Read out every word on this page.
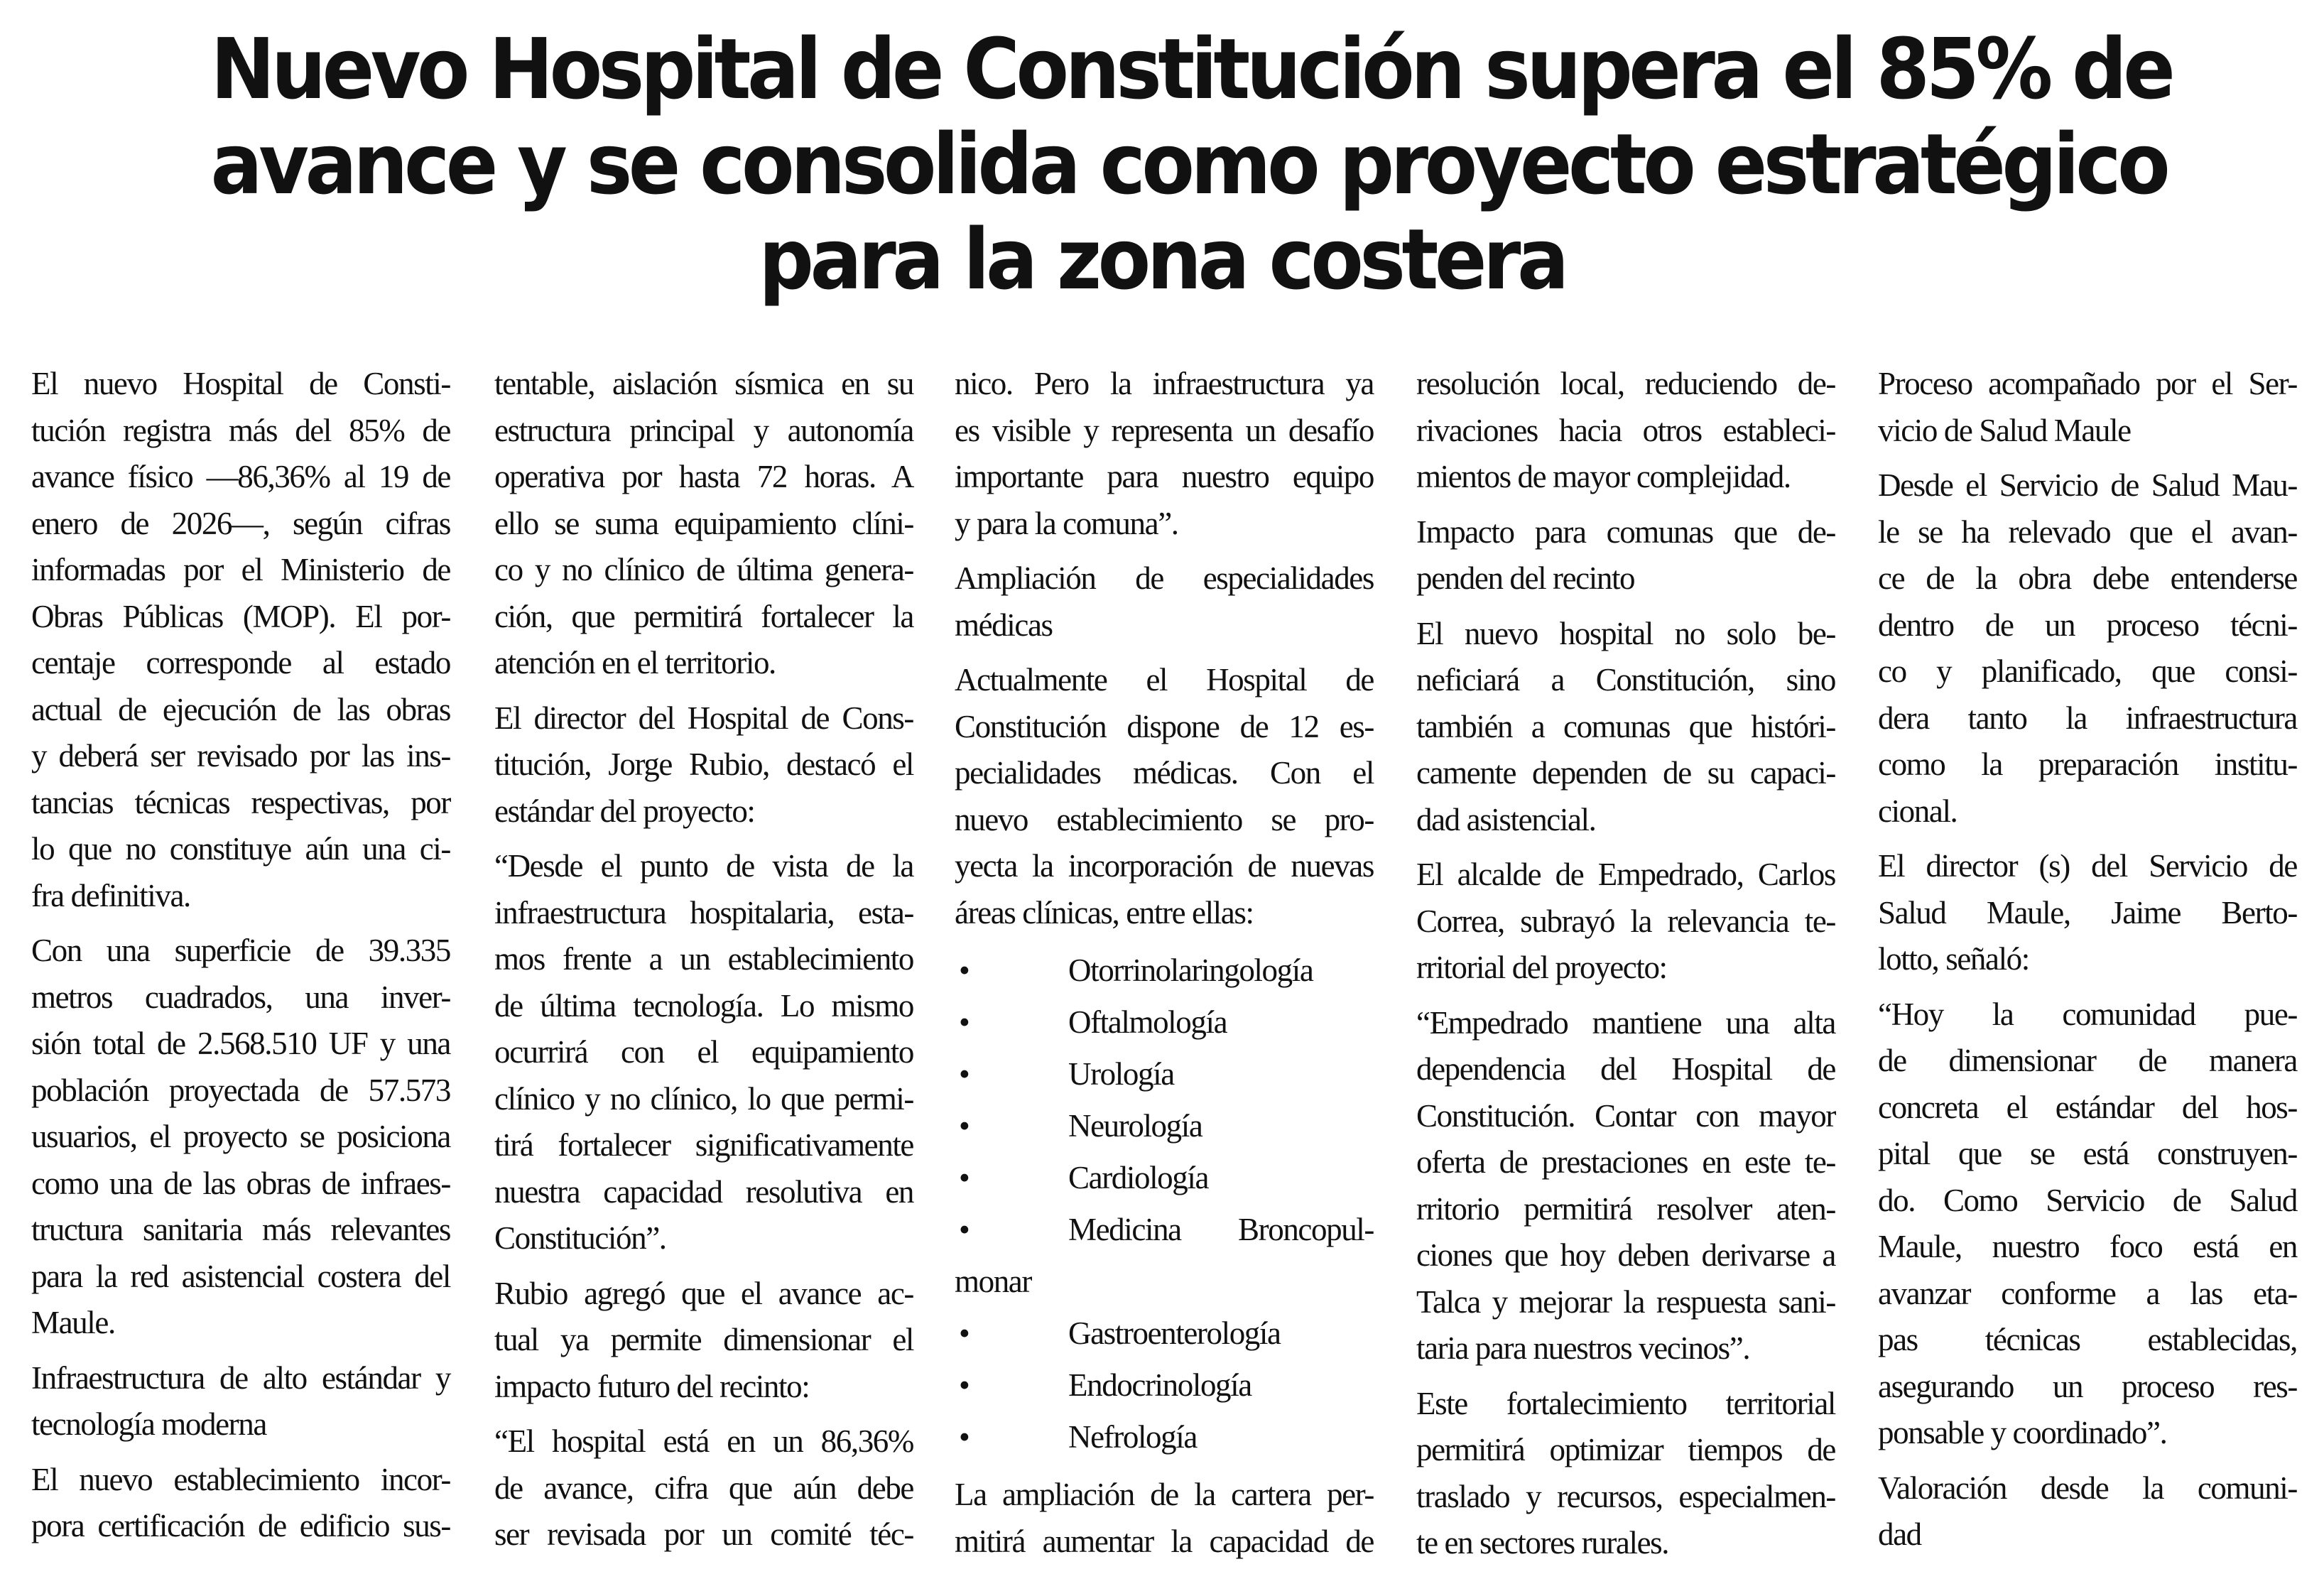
Nuevo Hospital de Constitución supera el 85% de
avance y se consolida como proyecto estratégico
para la zona costera
El nuevo Hospital de Consti-
tución registra más del 85% de
avance físico —86,36% al 19 de
enero de 2026—, según cifras
informadas por el Ministerio de
Obras Públicas (MOP). El por-
centaje corresponde al estado
actual de ejecución de las obras
y deberá ser revisado por las ins-
tancias técnicas respectivas, por
lo que no constituye aún una ci-
fra definitiva.
Con una superficie de 39.335
metros cuadrados, una inver-
sión total de 2.568.510 UF y una
población proyectada de 57.573
usuarios, el proyecto se posiciona
como una de las obras de infraes-
tructura sanitaria más relevantes
para la red asistencial costera del
Maule.
Infraestructura de alto estándar y
tecnología moderna
El nuevo establecimiento incor-
pora certificación de edificio sus-
tentable, aislación sísmica en su
estructura principal y autonomía
operativa por hasta 72 horas. A
ello se suma equipamiento clíni-
co y no clínico de última genera-
ción, que permitirá fortalecer la
atención en el territorio.
El director del Hospital de Cons-
titución, Jorge Rubio, destacó el
estándar del proyecto:
“Desde el punto de vista de la
infraestructura hospitalaria, esta-
mos frente a un establecimiento
de última tecnología. Lo mismo
ocurrirá con el equipamiento
clínico y no clínico, lo que permi-
tirá fortalecer significativamente
nuestra capacidad resolutiva en
Constitución”.
Rubio agregó que el avance ac-
tual ya permite dimensionar el
impacto futuro del recinto:
“El hospital está en un 86,36%
de avance, cifra que aún debe
ser revisada por un comité téc-
nico. Pero la infraestructura ya
es visible y representa un desafío
importante para nuestro equipo
y para la comuna”.
Ampliación de especialidades
médicas
Actualmente el Hospital de
Constitución dispone de 12 es-
pecialidades médicas. Con el
nuevo establecimiento se pro-
yecta la incorporación de nuevas
áreas clínicas, entre ellas:
•	Otorrinolaringología
•	Oftalmología
•	Urología
•	Neurología
•	Cardiología
•	Medicina Broncopul-
monar
•	Gastroenterología
•	Endocrinología
•	Nefrología
La ampliación de la cartera per-
mitirá aumentar la capacidad de
resolución local, reduciendo de-
rivaciones hacia otros estableci-
mientos de mayor complejidad.
Impacto para comunas que de-
penden del recinto
El nuevo hospital no solo be-
neficiará a Constitución, sino
también a comunas que históri-
camente dependen de su capaci-
dad asistencial.
El alcalde de Empedrado, Carlos
Correa, subrayó la relevancia te-
rritorial del proyecto:
“Empedrado mantiene una alta
dependencia del Hospital de
Constitución. Contar con mayor
oferta de prestaciones en este te-
rritorio permitirá resolver aten-
ciones que hoy deben derivarse a
Talca y mejorar la respuesta sani-
taria para nuestros vecinos”.
Este fortalecimiento territorial
permitirá optimizar tiempos de
traslado y recursos, especialmen-
te en sectores rurales.
Proceso acompañado por el Ser-
vicio de Salud Maule
Desde el Servicio de Salud Mau-
le se ha relevado que el avan-
ce de la obra debe entenderse
dentro de un proceso técni-
co y planificado, que consi-
dera tanto la infraestructura
como la preparación institu-
cional.
El director (s) del Servicio de
Salud Maule, Jaime Berto-
lotto, señaló:
“Hoy la comunidad pue-
de dimensionar de manera
concreta el estándar del hos-
pital que se está construyen-
do. Como Servicio de Salud
Maule, nuestro foco está en
avanzar conforme a las eta-
pas técnicas establecidas,
asegurando un proceso res-
ponsable y coordinado”.
Valoración desde la comuni-
dad
